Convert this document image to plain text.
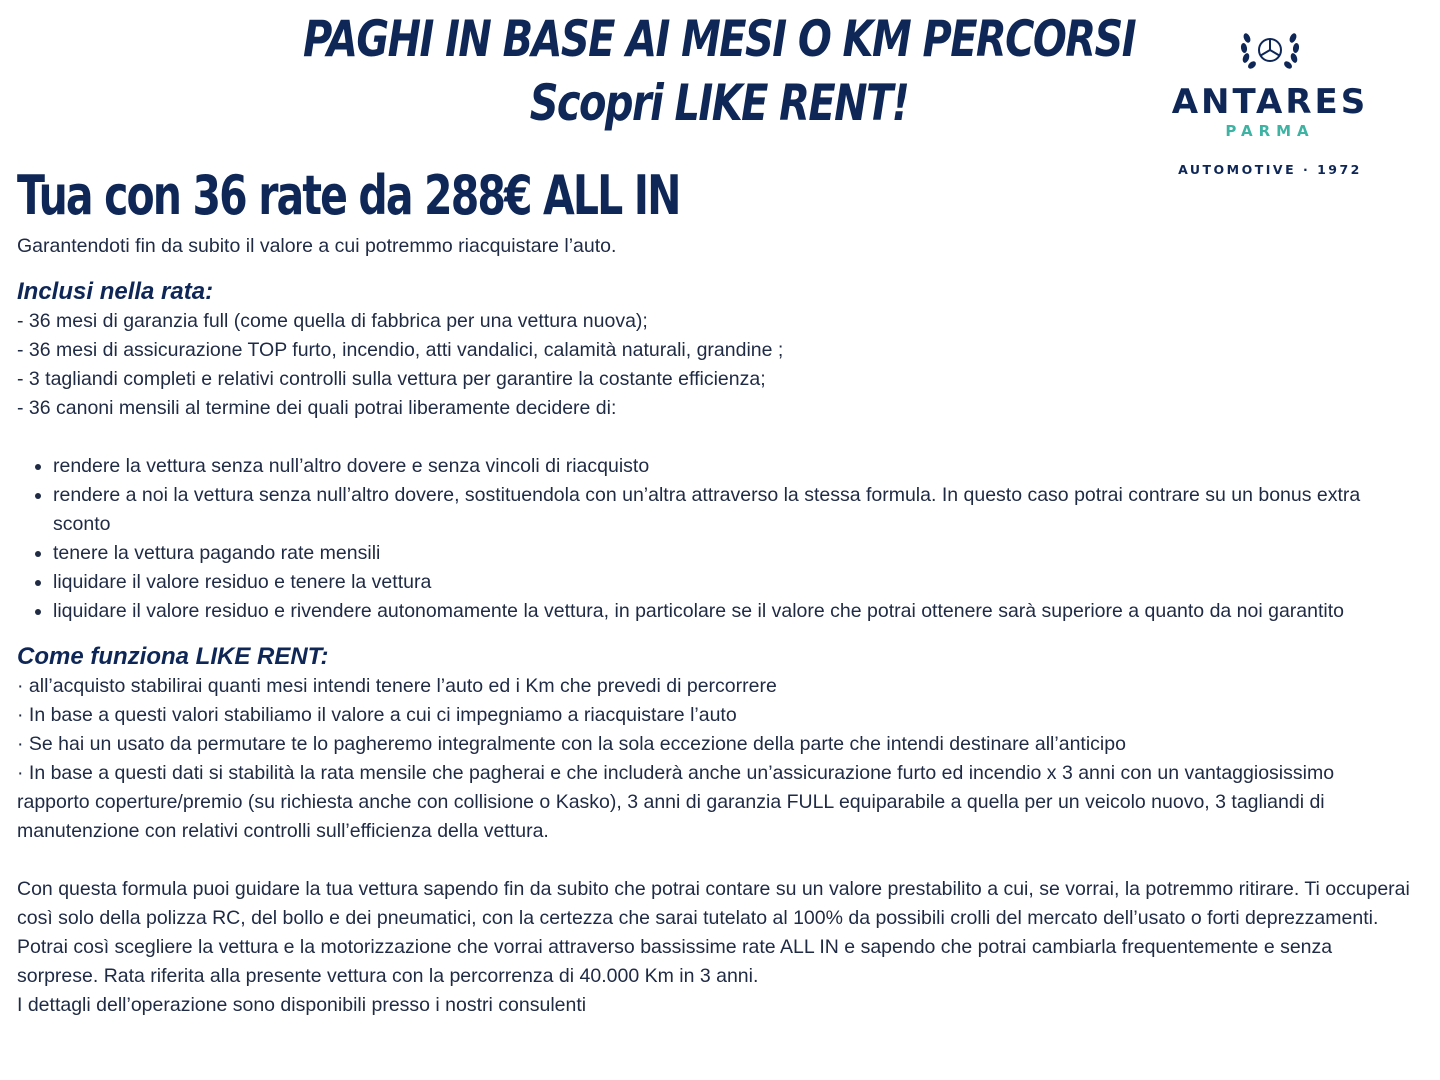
PAGHI IN BASE AI MESI O KM PERCORSI
Scopri LIKE RENT!	ANTARES
PARMA
AUTOMOTIVE · 1972
Tua con 36 rate da 288€ ALL IN

Garantendoti fin da subito il valore a cui potremmo riacquistare l’auto.

Inclusi nella rata:

- 36 mesi di garanzia full (come quella di fabbrica per una vettura nuova);

- 36 mesi di assicurazione TOP furto, incendio, atti vandalici, calamità naturali, grandine ;

- 3 tagliandi completi e relativi controlli sulla vettura per garantire la costante efficienza;

- 36 canoni mensili al termine dei quali potrai liberamente decidere di:

• rendere la vettura senza null’altro dovere e senza vincoli di riacquisto
• rendere a noi la vettura senza null’altro dovere, sostituendola con un’altra attraverso la stessa formula. In questo caso potrai contrare su un bonus extra sconto
• tenere la vettura pagando rate mensili
• liquidare il valore residuo e tenere la vettura
• liquidare il valore residuo e rivendere autonomamente la vettura, in particolare se il valore che potrai ottenere sarà superiore a quanto da noi garantito

Come funziona LIKE RENT:

· all’acquisto stabilirai quanti mesi intendi tenere l’auto ed i Km che prevedi di percorrere

· In base a questi valori stabiliamo il valore a cui ci impegniamo a riacquistare l’auto

· Se hai un usato da permutare te lo pagheremo integralmente con la sola eccezione della parte che intendi destinare all’anticipo

· In base a questi dati si stabilità la rata mensile che pagherai e che includerà anche un’assicurazione furto ed incendio x 3 anni con un vantaggiosissimo rapporto coperture/premio (su richiesta anche con collisione o Kasko), 3 anni di garanzia FULL equiparabile a quella per un veicolo nuovo, 3 tagliandi di manutenzione con relativi controlli sull’efficienza della vettura.

Con questa formula puoi guidare la tua vettura sapendo fin da subito che potrai contare su un valore prestabilito a cui, se vorrai, la potremmo ritirare. Ti occuperai così solo della polizza RC, del bollo e dei pneumatici, con la certezza che sarai tutelato al 100% da possibili crolli del mercato dell’usato o forti deprezzamenti. Potrai così scegliere la vettura e la motorizzazione che vorrai attraverso bassissime rate ALL IN e sapendo che potrai cambiarla frequentemente e senza sorprese. Rata riferita alla presente vettura con la percorrenza di 40.000 Km in 3 anni.

I dettagli dell’operazione sono disponibili presso i nostri consulenti
